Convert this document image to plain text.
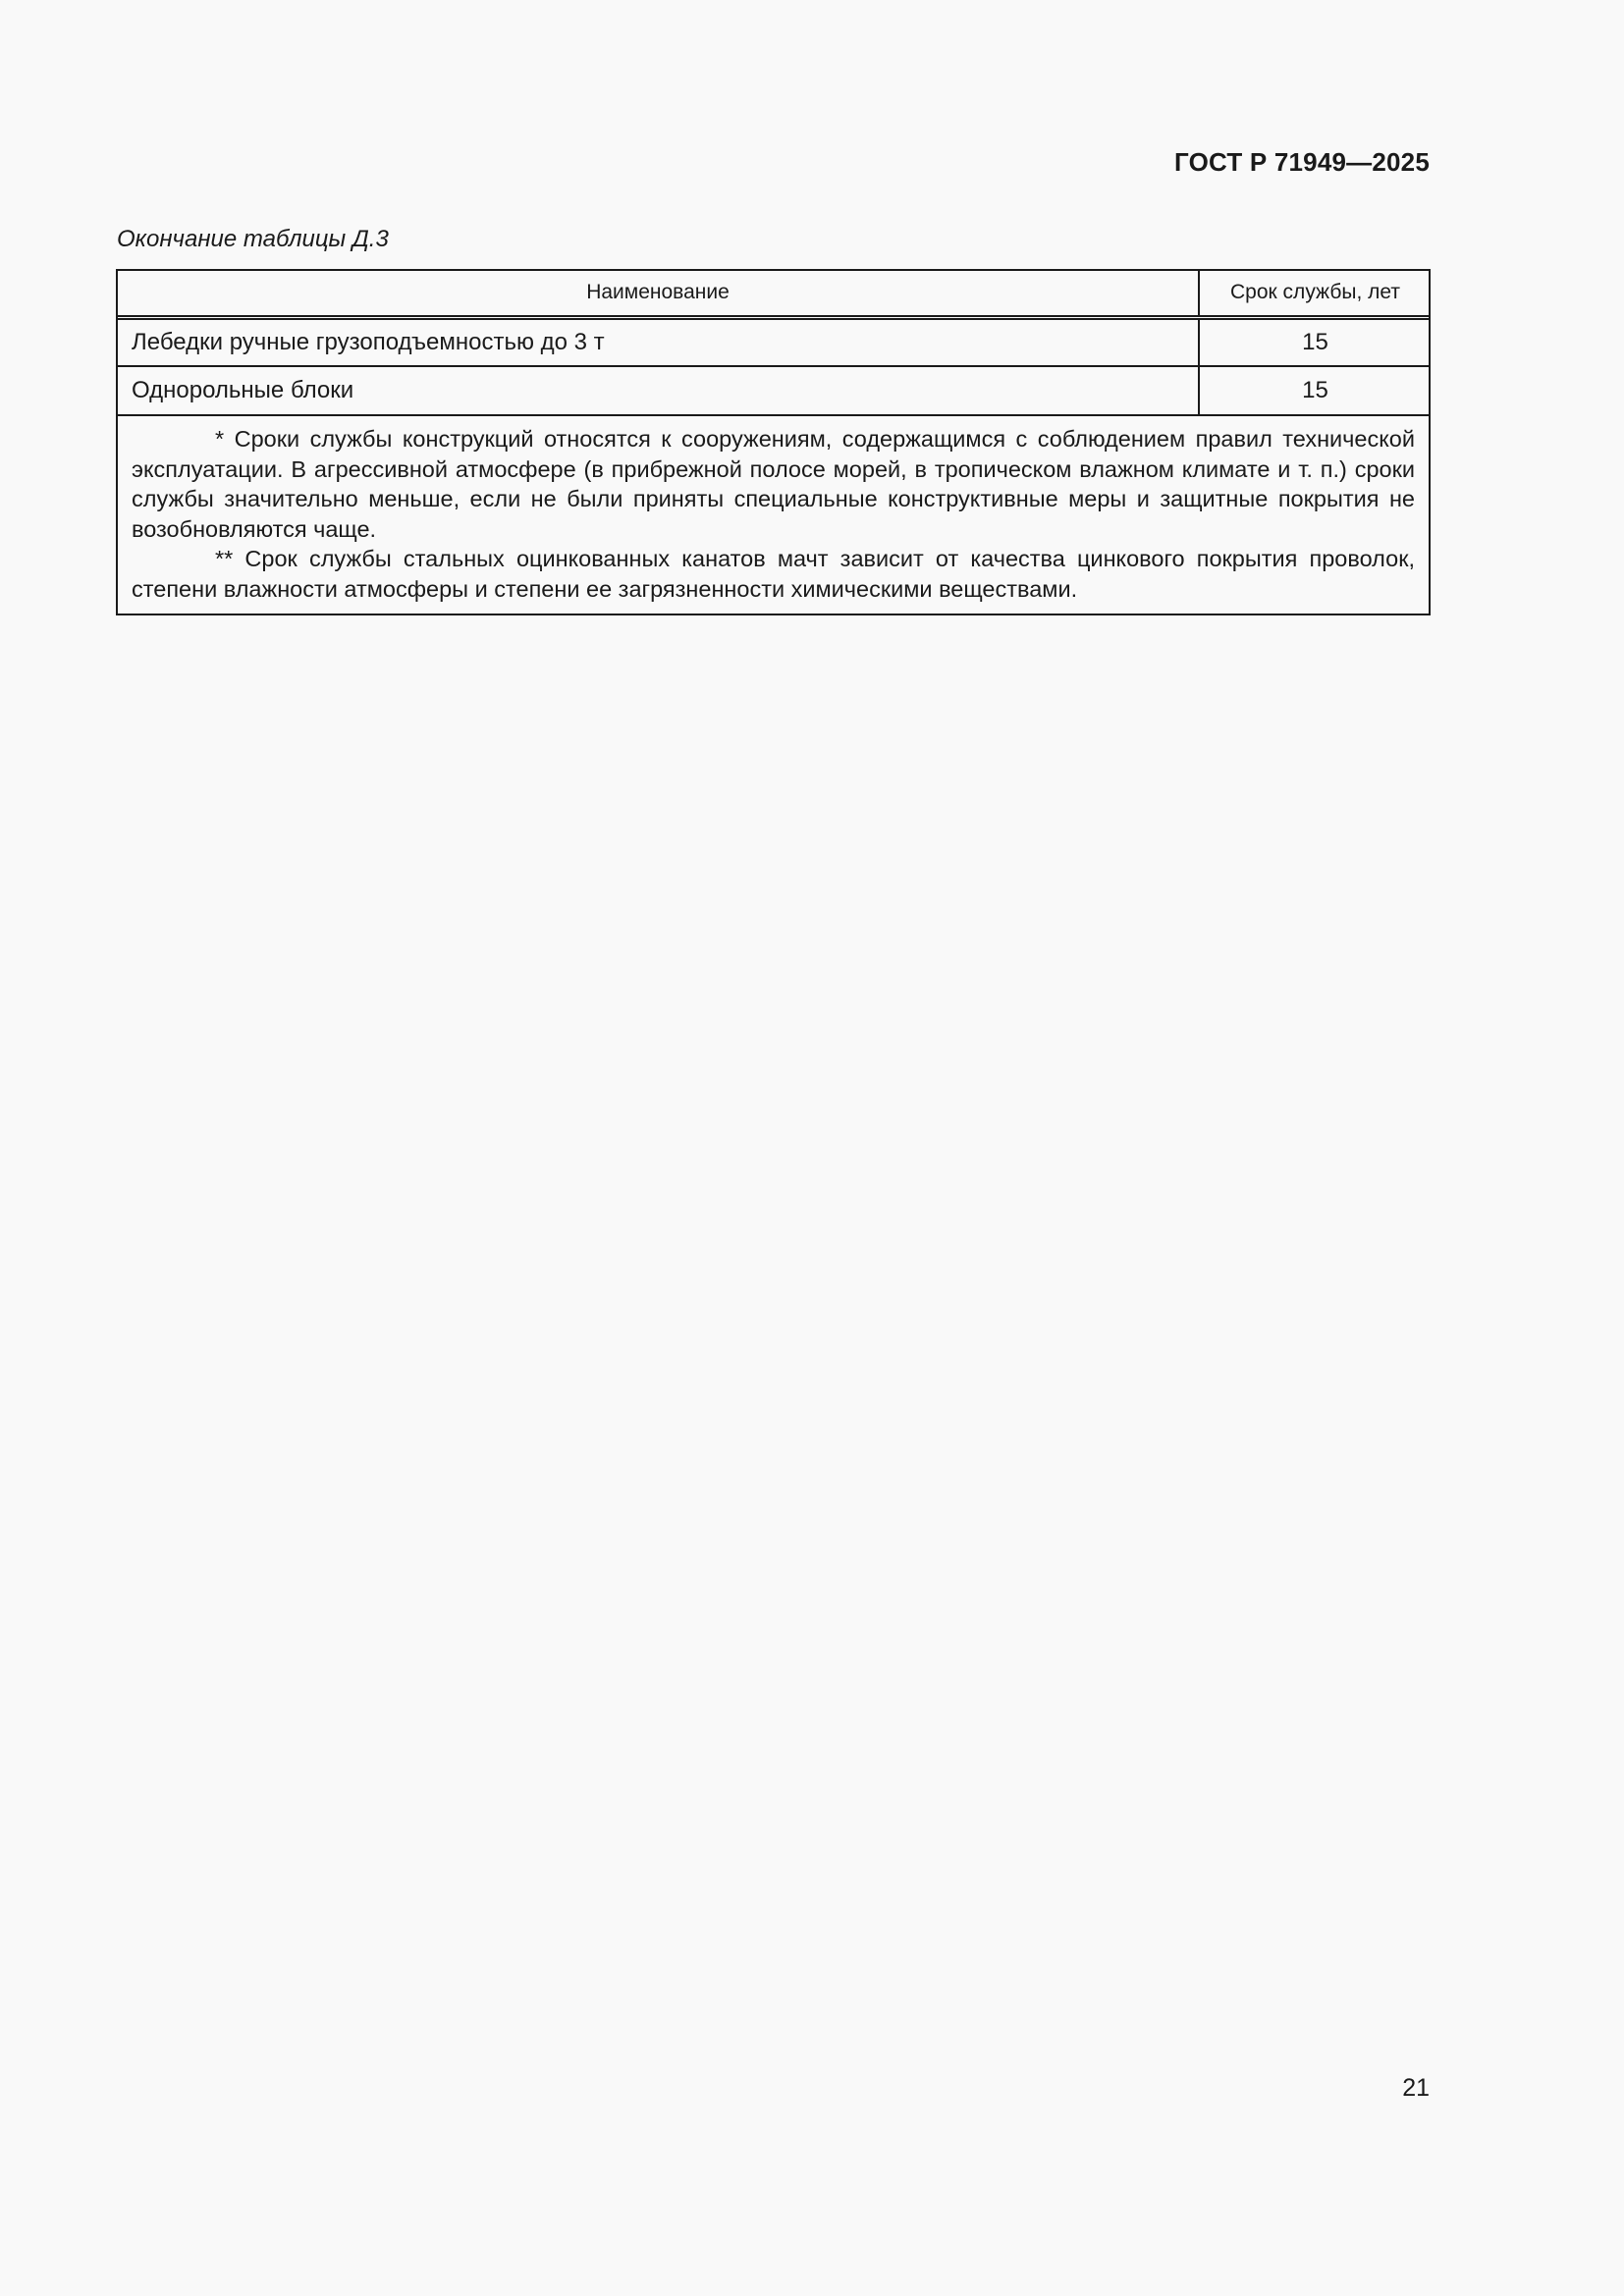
ГОСТ Р 71949—2025
Окончание таблицы Д.3
Наименование	Срок службы, лет
Лебедки ручные грузоподъемностью до 3 т	15
Однорольные блоки	15

* Сроки службы конструкций относятся к сооружениям, содержащимся с соблюдением правил технической эксплуатации. В агрессивной атмосфере (в прибрежной полосе морей, в тропическом влажном климате и т. п.) сроки службы значительно меньше, если не были приняты специальные конструктивные меры и защитные покрытия не возобновляются чаще.

** Срок службы стальных оцинкованных канатов мачт зависит от качества цинкового покрытия проволок, степени влажности атмосферы и степени ее загрязненности химическими веществами.

21
